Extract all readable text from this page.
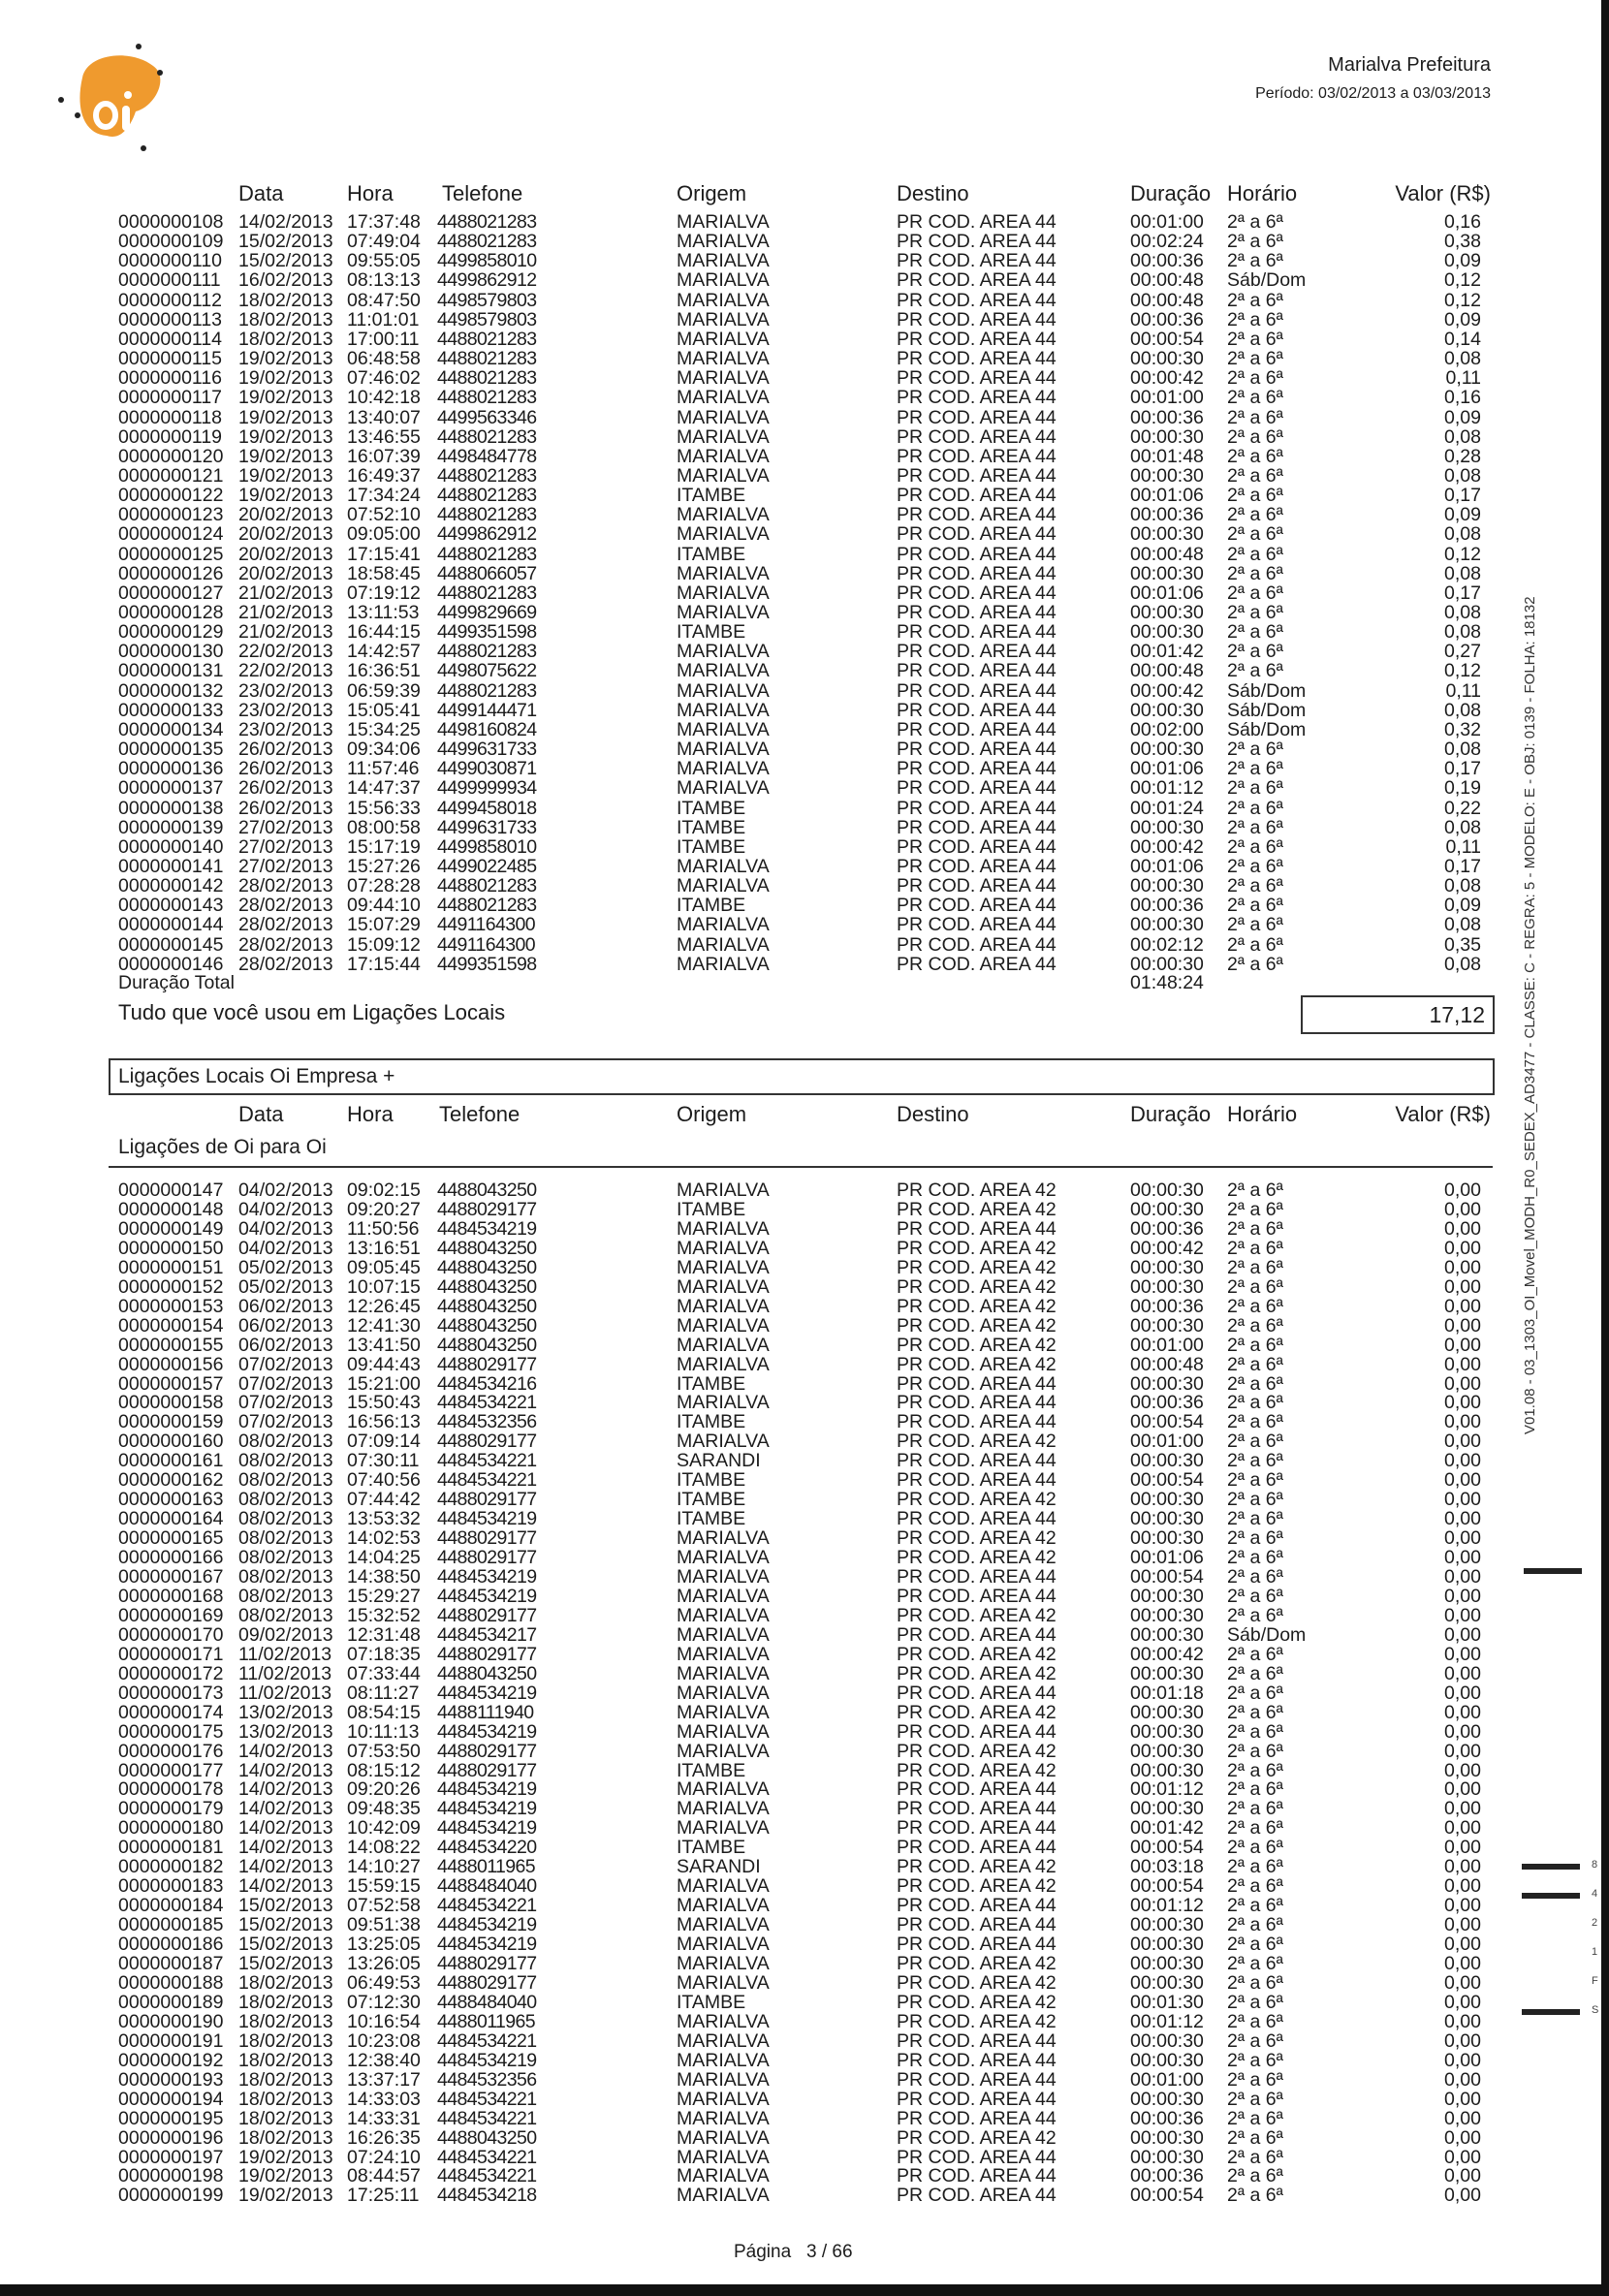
Marialva Prefeitura
Período: 03/02/2013 a 03/03/2013
Data	Hora Telefone	Origem	Destino	Duração Horário	Valor (R$)
0000000108 14/02/2013 17:37:48 4488021283	MARIALVA	PR COD. AREA 44	00:01:00 2ª a 6ª	0,16
0000000109 15/02/2013 07:49:04 4488021283	MARIALVA	PR COD. AREA 44	00:02:24 2ª a 6ª	0,38
0000000110 15/02/2013 09:55:05 4499858010	MARIALVA	PR COD. AREA 44	00:00:36 2ª a 6ª	0,09
0000000111 16/02/2013 08:13:13 4499862912	MARIALVA	PR COD. AREA 44	00:00:48 Sáb/Dom	0,12
0000000112 18/02/2013 08:47:50 4498579803	MARIALVA	PR COD. AREA 44	00:00:48 2ª a 6ª	0,12
0000000113 18/02/2013 11:01:01 4498579803	MARIALVA	PR COD. AREA 44	00:00:36 2ª a 6ª	0,09
0000000114 18/02/2013 17:00:11 4488021283	MARIALVA	PR COD. AREA 44	00:00:54 2ª a 6ª	0,14
0000000115 19/02/2013 06:48:58 4488021283	MARIALVA	PR COD. AREA 44	00:00:30 2ª a 6ª	0,08
0000000116 19/02/2013 07:46:02 4488021283	MARIALVA	PR COD. AREA 44	00:00:42 2ª a 6ª	0,11
0000000117 19/02/2013 10:42:18 4488021283	MARIALVA	PR COD. AREA 44	00:01:00 2ª a 6ª	0,16
0000000118 19/02/2013 13:40:07 4499563346	MARIALVA	PR COD. AREA 44	00:00:36 2ª a 6ª	0,09
0000000119 19/02/2013 13:46:55 4488021283	MARIALVA	PR COD. AREA 44	00:00:30 2ª a 6ª	0,08
0000000120 19/02/2013 16:07:39 4498484778	MARIALVA	PR COD. AREA 44	00:01:48 2ª a 6ª	0,28
0000000121 19/02/2013 16:49:37 4488021283	MARIALVA	PR COD. AREA 44	00:00:30 2ª a 6ª	0,08
0000000122 19/02/2013 17:34:24 4488021283	ITAMBE	PR COD. AREA 44	00:01:06 2ª a 6ª	0,17
0000000123 20/02/2013 07:52:10 4488021283	MARIALVA	PR COD. AREA 44	00:00:36 2ª a 6ª	0,09
0000000124 20/02/2013 09:05:00 4499862912	MARIALVA	PR COD. AREA 44	00:00:30 2ª a 6ª	0,08
0000000125 20/02/2013 17:15:41 4488021283	ITAMBE	PR COD. AREA 44	00:00:48 2ª a 6ª	0,12
0000000126 20/02/2013 18:58:45 4488066057	MARIALVA	PR COD. AREA 44	00:00:30 2ª a 6ª	0,08
0000000127 21/02/2013 07:19:12 4488021283	MARIALVA	PR COD. AREA 44	00:01:06 2ª a 6ª	0,17
0000000128 21/02/2013 13:11:53 4499829669	MARIALVA	PR COD. AREA 44	00:00:30 2ª a 6ª	0,08
0000000129 21/02/2013 16:44:15 4499351598	ITAMBE	PR COD. AREA 44	00:00:30 2ª a 6ª	0,08
0000000130 22/02/2013 14:42:57 4488021283	MARIALVA	PR COD. AREA 44	00:01:42 2ª a 6ª	0,27
0000000131 22/02/2013 16:36:51 4498075622	MARIALVA	PR COD. AREA 44	00:00:48 2ª a 6ª	0,12
0000000132 23/02/2013 06:59:39 4488021283	MARIALVA	PR COD. AREA 44	00:00:42 Sáb/Dom	0,11
0000000133 23/02/2013 15:05:41 4499144471	MARIALVA	PR COD. AREA 44	00:00:30 Sáb/Dom	0,08
0000000134 23/02/2013 15:34:25 4498160824	MARIALVA	PR COD. AREA 44	00:02:00 Sáb/Dom	0,32
0000000135 26/02/2013 09:34:06 4499631733	MARIALVA	PR COD. AREA 44	00:00:30 2ª a 6ª	0,08
0000000136 26/02/2013 11:57:46 4499030871	MARIALVA	PR COD. AREA 44	00:01:06 2ª a 6ª	0,17
0000000137 26/02/2013 14:47:37 4499999934	MARIALVA	PR COD. AREA 44	00:01:12 2ª a 6ª	0,19
0000000138 26/02/2013 15:56:33 4499458018	ITAMBE	PR COD. AREA 44	00:01:24 2ª a 6ª	0,22
0000000139 27/02/2013 08:00:58 4499631733	ITAMBE	PR COD. AREA 44	00:00:30 2ª a 6ª	0,08
0000000140 27/02/2013 15:17:19 4499858010	ITAMBE	PR COD. AREA 44	00:00:42 2ª a 6ª	0,11
0000000141 27/02/2013 15:27:26 4499022485	MARIALVA	PR COD. AREA 44	00:01:06 2ª a 6ª	0,17
0000000142 28/02/2013 07:28:28 4488021283	MARIALVA	PR COD. AREA 44	00:00:30 2ª a 6ª	0,08
0000000143 28/02/2013 09:44:10 4488021283	ITAMBE	PR COD. AREA 44	00:00:36 2ª a 6ª	0,09
0000000144 28/02/2013 15:07:29 4491164300	MARIALVA	PR COD. AREA 44	00:00:30 2ª a 6ª	0,08
0000000145 28/02/2013 15:09:12 4491164300	MARIALVA	PR COD. AREA 44	00:02:12 2ª a 6ª	0,35
0000000146 28/02/2013 17:15:44 4499351598	MARIALVA	PR COD. AREA 44	00:00:30 2ª a 6ª	0,08
Duração Total	01:48:24
Tudo que você usou em Ligações Locais	17,12
Ligações Locais Oi Empresa +
Data	Hora Telefone	Origem	Destino	Duração Horário	Valor (R$)
Ligações de Oi para Oi
0000000147 04/02/2013 09:02:15 4488043250	MARIALVA	PR COD. AREA 42	00:00:30 2ª a 6ª	0,00
0000000148 04/02/2013 09:20:27 4488029177	ITAMBE	PR COD. AREA 42	00:00:30 2ª a 6ª	0,00
0000000149 04/02/2013 11:50:56 4484534219	MARIALVA	PR COD. AREA 44	00:00:36 2ª a 6ª	0,00
0000000150 04/02/2013 13:16:51 4488043250	MARIALVA	PR COD. AREA 42	00:00:42 2ª a 6ª	0,00
0000000151 05/02/2013 09:05:45 4488043250	MARIALVA	PR COD. AREA 42	00:00:30 2ª a 6ª	0,00
0000000152 05/02/2013 10:07:15 4488043250	MARIALVA	PR COD. AREA 42	00:00:30 2ª a 6ª	0,00
0000000153 06/02/2013 12:26:45 4488043250	MARIALVA	PR COD. AREA 42	00:00:36 2ª a 6ª	0,00
0000000154 06/02/2013 12:41:30 4488043250	MARIALVA	PR COD. AREA 42	00:00:30 2ª a 6ª	0,00
0000000155 06/02/2013 13:41:50 4488043250	MARIALVA	PR COD. AREA 42	00:01:00 2ª a 6ª	0,00
0000000156 07/02/2013 09:44:43 4488029177	MARIALVA	PR COD. AREA 42	00:00:48 2ª a 6ª	0,00
0000000157 07/02/2013 15:21:00 4484534216	ITAMBE	PR COD. AREA 44	00:00:30 2ª a 6ª	0,00
0000000158 07/02/2013 15:50:43 4484534221	MARIALVA	PR COD. AREA 44	00:00:36 2ª a 6ª	0,00
0000000159 07/02/2013 16:56:13 4484532356	ITAMBE	PR COD. AREA 44	00:00:54 2ª a 6ª	0,00
0000000160 08/02/2013 07:09:14 4488029177	MARIALVA	PR COD. AREA 42	00:01:00 2ª a 6ª	0,00
0000000161 08/02/2013 07:30:11 4484534221	SARANDI	PR COD. AREA 44	00:00:30 2ª a 6ª	0,00
0000000162 08/02/2013 07:40:56 4484534221	ITAMBE	PR COD. AREA 44	00:00:54 2ª a 6ª	0,00
0000000163 08/02/2013 07:44:42 4488029177	ITAMBE	PR COD. AREA 42	00:00:30 2ª a 6ª	0,00
0000000164 08/02/2013 13:53:32 4484534219	ITAMBE	PR COD. AREA 44	00:00:30 2ª a 6ª	0,00
0000000165 08/02/2013 14:02:53 4488029177	MARIALVA	PR COD. AREA 42	00:00:30 2ª a 6ª	0,00
0000000166 08/02/2013 14:04:25 4488029177	MARIALVA	PR COD. AREA 42	00:01:06 2ª a 6ª	0,00
0000000167 08/02/2013 14:38:50 4484534219	MARIALVA	PR COD. AREA 44	00:00:54 2ª a 6ª	0,00
0000000168 08/02/2013 15:29:27 4484534219	MARIALVA	PR COD. AREA 44	00:00:30 2ª a 6ª	0,00
0000000169 08/02/2013 15:32:52 4488029177	MARIALVA	PR COD. AREA 42	00:00:30 2ª a 6ª	0,00
0000000170 09/02/2013 12:31:48 4484534217	MARIALVA	PR COD. AREA 44	00:00:30 Sáb/Dom	0,00
0000000171 11/02/2013 07:18:35 4488029177	MARIALVA	PR COD. AREA 42	00:00:42 2ª a 6ª	0,00
0000000172 11/02/2013 07:33:44 4488043250	MARIALVA	PR COD. AREA 42	00:00:30 2ª a 6ª	0,00
0000000173 11/02/2013 08:11:27 4484534219	MARIALVA	PR COD. AREA 44	00:01:18 2ª a 6ª	0,00
0000000174 13/02/2013 08:54:15 4488111940	MARIALVA	PR COD. AREA 42	00:00:30 2ª a 6ª	0,00
0000000175 13/02/2013 10:11:13 4484534219	MARIALVA	PR COD. AREA 44	00:00:30 2ª a 6ª	0,00
0000000176 14/02/2013 07:53:50 4488029177	MARIALVA	PR COD. AREA 42	00:00:30 2ª a 6ª	0,00
0000000177 14/02/2013 08:15:12 4488029177	ITAMBE	PR COD. AREA 42	00:00:30 2ª a 6ª	0,00
0000000178 14/02/2013 09:20:26 4484534219	MARIALVA	PR COD. AREA 44	00:01:12 2ª a 6ª	0,00
0000000179 14/02/2013 09:48:35 4484534219	MARIALVA	PR COD. AREA 44	00:00:30 2ª a 6ª	0,00
0000000180 14/02/2013 10:42:09 4484534219	MARIALVA	PR COD. AREA 44	00:01:42 2ª a 6ª	0,00
0000000181 14/02/2013 14:08:22 4484534220	ITAMBE	PR COD. AREA 44	00:00:54 2ª a 6ª	0,00
0000000182 14/02/2013 14:10:27 4488011965	SARANDI	PR COD. AREA 42	00:03:18 2ª a 6ª	0,00
0000000183 14/02/2013 15:59:15 4488484040	MARIALVA	PR COD. AREA 42	00:00:54 2ª a 6ª	0,00
0000000184 15/02/2013 07:52:58 4484534221	MARIALVA	PR COD. AREA 44	00:01:12 2ª a 6ª	0,00
0000000185 15/02/2013 09:51:38 4484534219	MARIALVA	PR COD. AREA 44	00:00:30 2ª a 6ª	0,00
0000000186 15/02/2013 13:25:05 4484534219	MARIALVA	PR COD. AREA 44	00:00:30 2ª a 6ª	0,00
0000000187 15/02/2013 13:26:05 4488029177	MARIALVA	PR COD. AREA 42	00:00:30 2ª a 6ª	0,00
0000000188 18/02/2013 06:49:53 4488029177	MARIALVA	PR COD. AREA 42	00:00:30 2ª a 6ª	0,00
0000000189 18/02/2013 07:12:30 4488484040	ITAMBE	PR COD. AREA 42	00:01:30 2ª a 6ª	0,00
0000000190 18/02/2013 10:16:54 4488011965	MARIALVA	PR COD. AREA 42	00:01:12 2ª a 6ª	0,00
0000000191 18/02/2013 10:23:08 4484534221	MARIALVA	PR COD. AREA 44	00:00:30 2ª a 6ª	0,00
0000000192 18/02/2013 12:38:40 4484534219	MARIALVA	PR COD. AREA 44	00:00:30 2ª a 6ª	0,00
0000000193 18/02/2013 13:37:17 4484532356	MARIALVA	PR COD. AREA 44	00:01:00 2ª a 6ª	0,00
0000000194 18/02/2013 14:33:03 4484534221	MARIALVA	PR COD. AREA 44	00:00:30 2ª a 6ª	0,00
0000000195 18/02/2013 14:33:31 4484534221	MARIALVA	PR COD. AREA 44	00:00:36 2ª a 6ª	0,00
0000000196 18/02/2013 16:26:35 4488043250	MARIALVA	PR COD. AREA 42	00:00:30 2ª a 6ª	0,00
0000000197 19/02/2013 07:24:10 4484534221	MARIALVA	PR COD. AREA 44	00:00:30 2ª a 6ª	0,00
0000000198 19/02/2013 08:44:57 4484534221	MARIALVA	PR COD. AREA 44	00:00:36 2ª a 6ª	0,00
0000000199 19/02/2013 17:25:11 4484534218	MARIALVA	PR COD. AREA 44	00:00:54 2ª a 6ª	0,00
Página 3 / 66
V01.08 - 03_1303_OI_Movel_MODH_R0_SEDEX_AD3477 - CLASSE: C - REGRA: 5 - MODELO: E - OBJ: 0139 - FOLHA: 18132
8
4
2
1
F
S
